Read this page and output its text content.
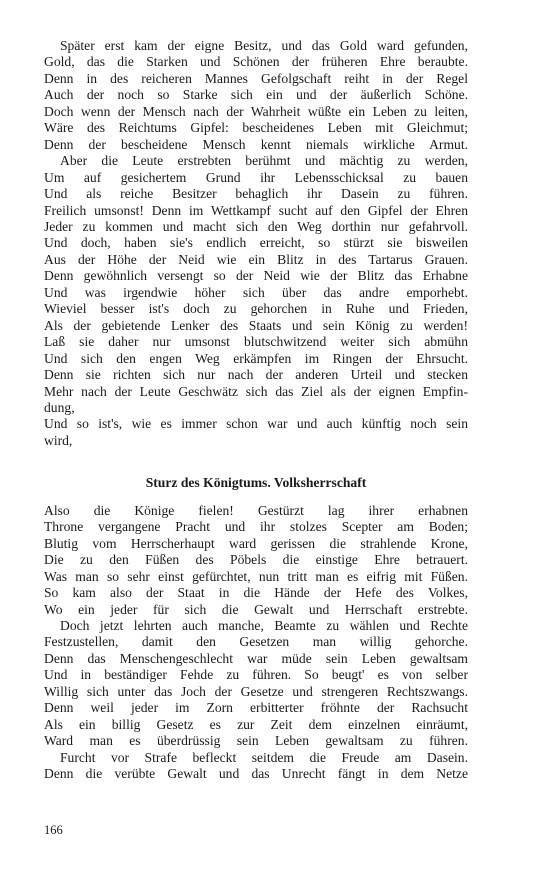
Später erst kam der eigne Besitz, und das Gold ward gefunden,
Gold, das die Starken und Schönen der früheren Ehre beraubte.
Denn in des reicheren Mannes Gefolgschaft reiht in der Regel
Auch der noch so Starke sich ein und der äußerlich Schöne.
Doch wenn der Mensch nach der Wahrheit wüßte ein Leben zu leiten,
Wäre des Reichtums Gipfel: bescheidenes Leben mit Gleichmut;
Denn der bescheidene Mensch kennt niemals wirkliche Armut.
Aber die Leute erstrebten berühmt und mächtig zu werden,
Um auf gesichertem Grund ihr Lebensschicksal zu bauen
Und als reiche Besitzer behaglich ihr Dasein zu führen.
Freilich umsonst! Denn im Wettkampf sucht auf den Gipfel der Ehren
Jeder zu kommen und macht sich den Weg dorthin nur gefahrvoll.
Und doch, haben sie's endlich erreicht, so stürzt sie bisweilen
Aus der Höhe der Neid wie ein Blitz in des Tartarus Grauen.
Denn gewöhnlich versengt so der Neid wie der Blitz das Erhabne
Und was irgendwie höher sich über das andre emporhebt.
Wieviel besser ist's doch zu gehorchen in Ruhe und Frieden,
Als der gebietende Lenker des Staats und sein König zu werden!
Laß sie daher nur umsonst blutschwitzend weiter sich abmühn
Und sich den engen Weg erkämpfen im Ringen der Ehrsucht.
Denn sie richten sich nur nach der anderen Urteil und stecken
Mehr nach der Leute Geschwätz sich das Ziel als der eignen Empfin-
dung,
Und so ist's, wie es immer schon war und auch künftig noch sein
wird,
Sturz des Königtums. Volksherrschaft
Also die Könige fielen! Gestürzt lag ihrer erhabnen
Throne vergangene Pracht und ihr stolzes Scepter am Boden;
Blutig vom Herrscherhaupt ward gerissen die strahlende Krone,
Die zu den Füßen des Pöbels die einstige Ehre betrauert.
Was man so sehr einst gefürchtet, nun tritt man es eifrig mit Füßen.
So kam also der Staat in die Hände der Hefe des Volkes,
Wo ein jeder für sich die Gewalt und Herrschaft erstrebte.
Doch jetzt lehrten auch manche, Beamte zu wählen und Rechte
Festzustellen, damit den Gesetzen man willig gehorche.
Denn das Menschengeschlecht war müde sein Leben gewaltsam
Und in beständiger Fehde zu führen. So beugt' es von selber
Willig sich unter das Joch der Gesetze und strengeren Rechtszwangs.
Denn weil jeder im Zorn erbitterter fröhnte der Rachsucht
Als ein billig Gesetz es zur Zeit dem einzelnen einräumt,
Ward man es überdrüssig sein Leben gewaltsam zu führen.
Furcht vor Strafe befleckt seitdem die Freude am Dasein.
Denn die verübte Gewalt und das Unrecht fängt in dem Netze
166
